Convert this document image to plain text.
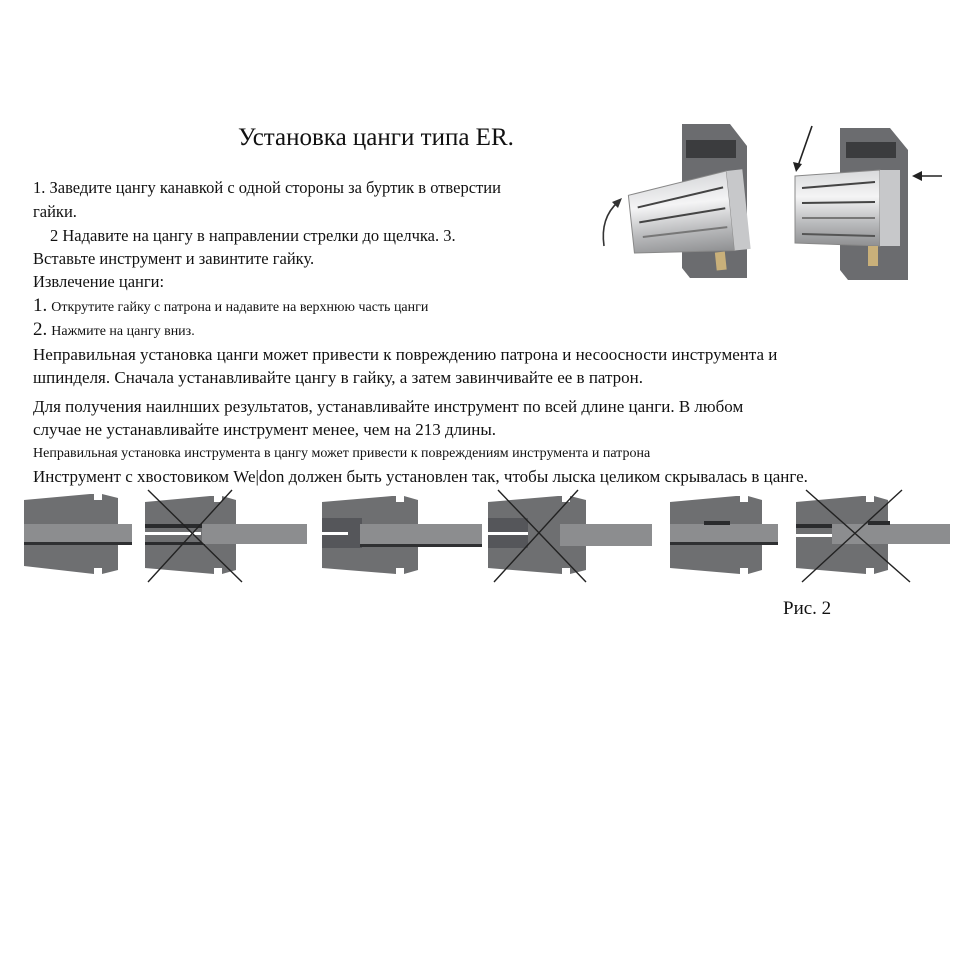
Установка цанги типа ER.
1. Заведите цангу канавкой с одной стороны за буртик в отверстии
гайки.
2 Надавите на цангу в направлении стрелки до щелчка. 3.
Вставьте инструмент и завинтите гайку.
Извлечение цанги:
1. Открутите гайку с патрона и надавите на верхнюю часть цанги
2. Нажмите на цангу вниз.
Неправильная установка цанги может привести к повреждению патрона и несоосности инструмента и
шпинделя. Сначала устанавливайте цангу в гайку, а затем завинчивайте ее в патрон.
Для получения наилнших результатов, устанавливайте инструмент по всей длине цанги. В любом
случае не устанавливайте инструмент менее, чем на 213 длины.
Неправильная установка инструмента в цангу может привести к повреждениям инструмента и патрона
Инструмент с хвостовиком We|don должен быть установлен так, чтобы лыска целиком скрывалась в цанге.
Рис. 2
